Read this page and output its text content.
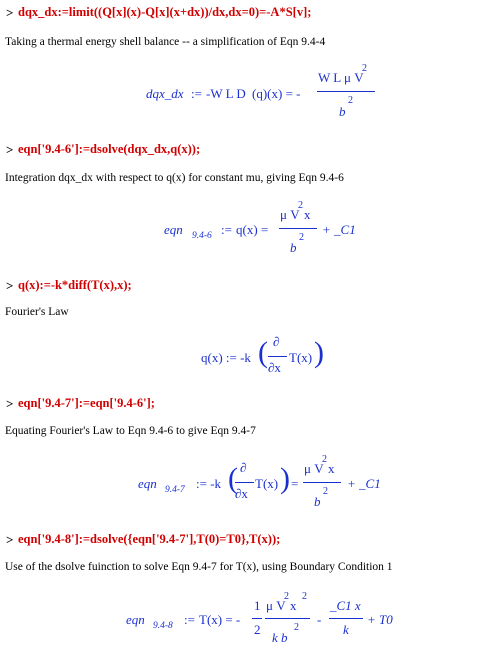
> dqx_dx:=limit((Q[x](x)-Q[x](x+dx))/dx,dx=0)=-A*S[v];
Taking a thermal energy shell balance -- a simplification of Eqn 9.4-4
dqx_dx := -W L D (q)(x) = -
W L μ V
2
b
2
> eqn['9.4-6']:=dsolve(dqx_dx,q(x));
Integration dqx_dx with respect to q(x) for constant mu, giving Eqn 9.4-6
eqn 9.4-6 := q(x) =
μ V
2
x
b
2
+ _C1
> q(x):=-k*diff(T(x),x);
Fourier's Law
q(x) := -k ( ∂
∂x
T(x) )
> eqn['9.4-7']:=eqn['9.4-6'];
Equating Fourier's Law to Eqn 9.4-6 to give Eqn 9.4-7
eqn 9.4-7 := -k ( ∂
∂x
T(x) ) =
μ V
2
x
b
2
+ _C1
> eqn['9.4-8']:=dsolve({eqn['9.4-7'],T(0)=T0},T(x));
Use of the dsolve fuinction to solve Eqn 9.4-7 for T(x), using Boundary Condition 1
eqn 9.4-8 := T(x) = -
1
2
μ V
2
x
2
k b
2
-
_C1 x
k
+ T0
